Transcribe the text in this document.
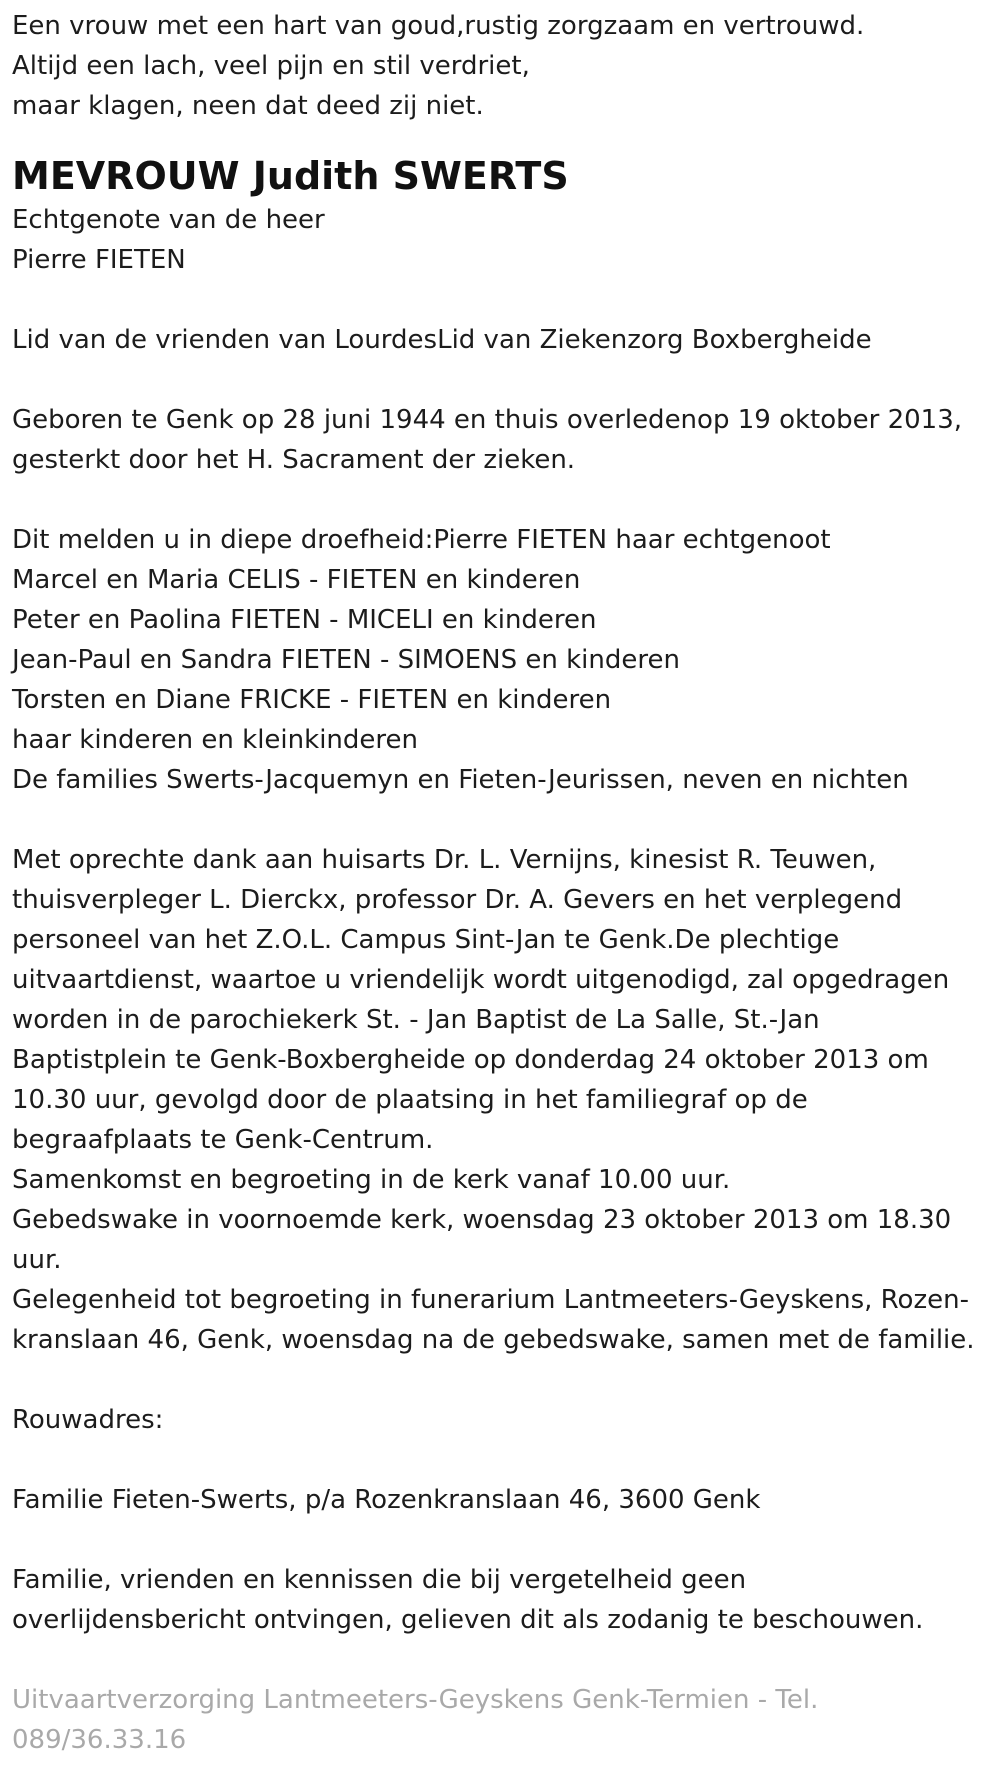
Een vrouw met een hart van goud,rustig zorgzaam en vertrouwd.

Altijd een lach, veel pijn en stil verdriet,

maar klagen, neen dat deed zij niet.

MEVROUW Judith SWERTS

Echtgenote van de heer

Pierre FIETEN

Lid van de vrienden van LourdesLid van Ziekenzorg Boxbergheide

Geboren te Genk op 28 juni 1944 en thuis overledenop 19 oktober 2013,

gesterkt door het H. Sacrament der zieken.

Dit melden u in diepe droefheid:Pierre FIETEN haar echtgenoot

Marcel en Maria CELIS - FIETEN en kinderen

Peter en Paolina FIETEN - MICELI en kinderen

Jean-Paul en Sandra FIETEN - SIMOENS en kinderen

Torsten en Diane FRICKE - FIETEN en kinderen

haar kinderen en kleinkinderen

De families Swerts-Jacquemyn en Fieten-Jeurissen, neven en nichten

Met oprechte dank aan huisarts Dr. L. Vernijns, kinesist R. Teuwen,

thuisverpleger L. Dierckx, professor Dr. A. Gevers en het verplegend

personeel van het Z.O.L. Campus Sint-Jan te Genk.De plechtige

uitvaartdienst, waartoe u vriendelijk wordt uitgenodigd, zal opgedragen

worden in de parochiekerk St. - Jan Baptist de La Salle, St.-Jan

Baptistplein te Genk-Boxbergheide op donderdag 24 oktober 2013 om

10.30 uur, gevolgd door de plaatsing in het familiegraf op de

begraafplaats te Genk-Centrum.

Samenkomst en begroeting in de kerk vanaf 10.00 uur.

Gebedswake in voornoemde kerk, woensdag 23 oktober 2013 om 18.30

uur.

Gelegenheid tot begroeting in funerarium Lantmeeters-Geyskens, Rozen-

kranslaan 46, Genk, woensdag na de gebedswake, samen met de familie.

Rouwadres:

Familie Fieten-Swerts, p/a Rozenkranslaan 46, 3600 Genk

Familie, vrienden en kennissen die bij vergetelheid geen

overlijdensbericht ontvingen, gelieven dit als zodanig te beschouwen.

Uitvaartverzorging Lantmeeters-Geyskens Genk-Termien - Tel.

089/36.33.16
